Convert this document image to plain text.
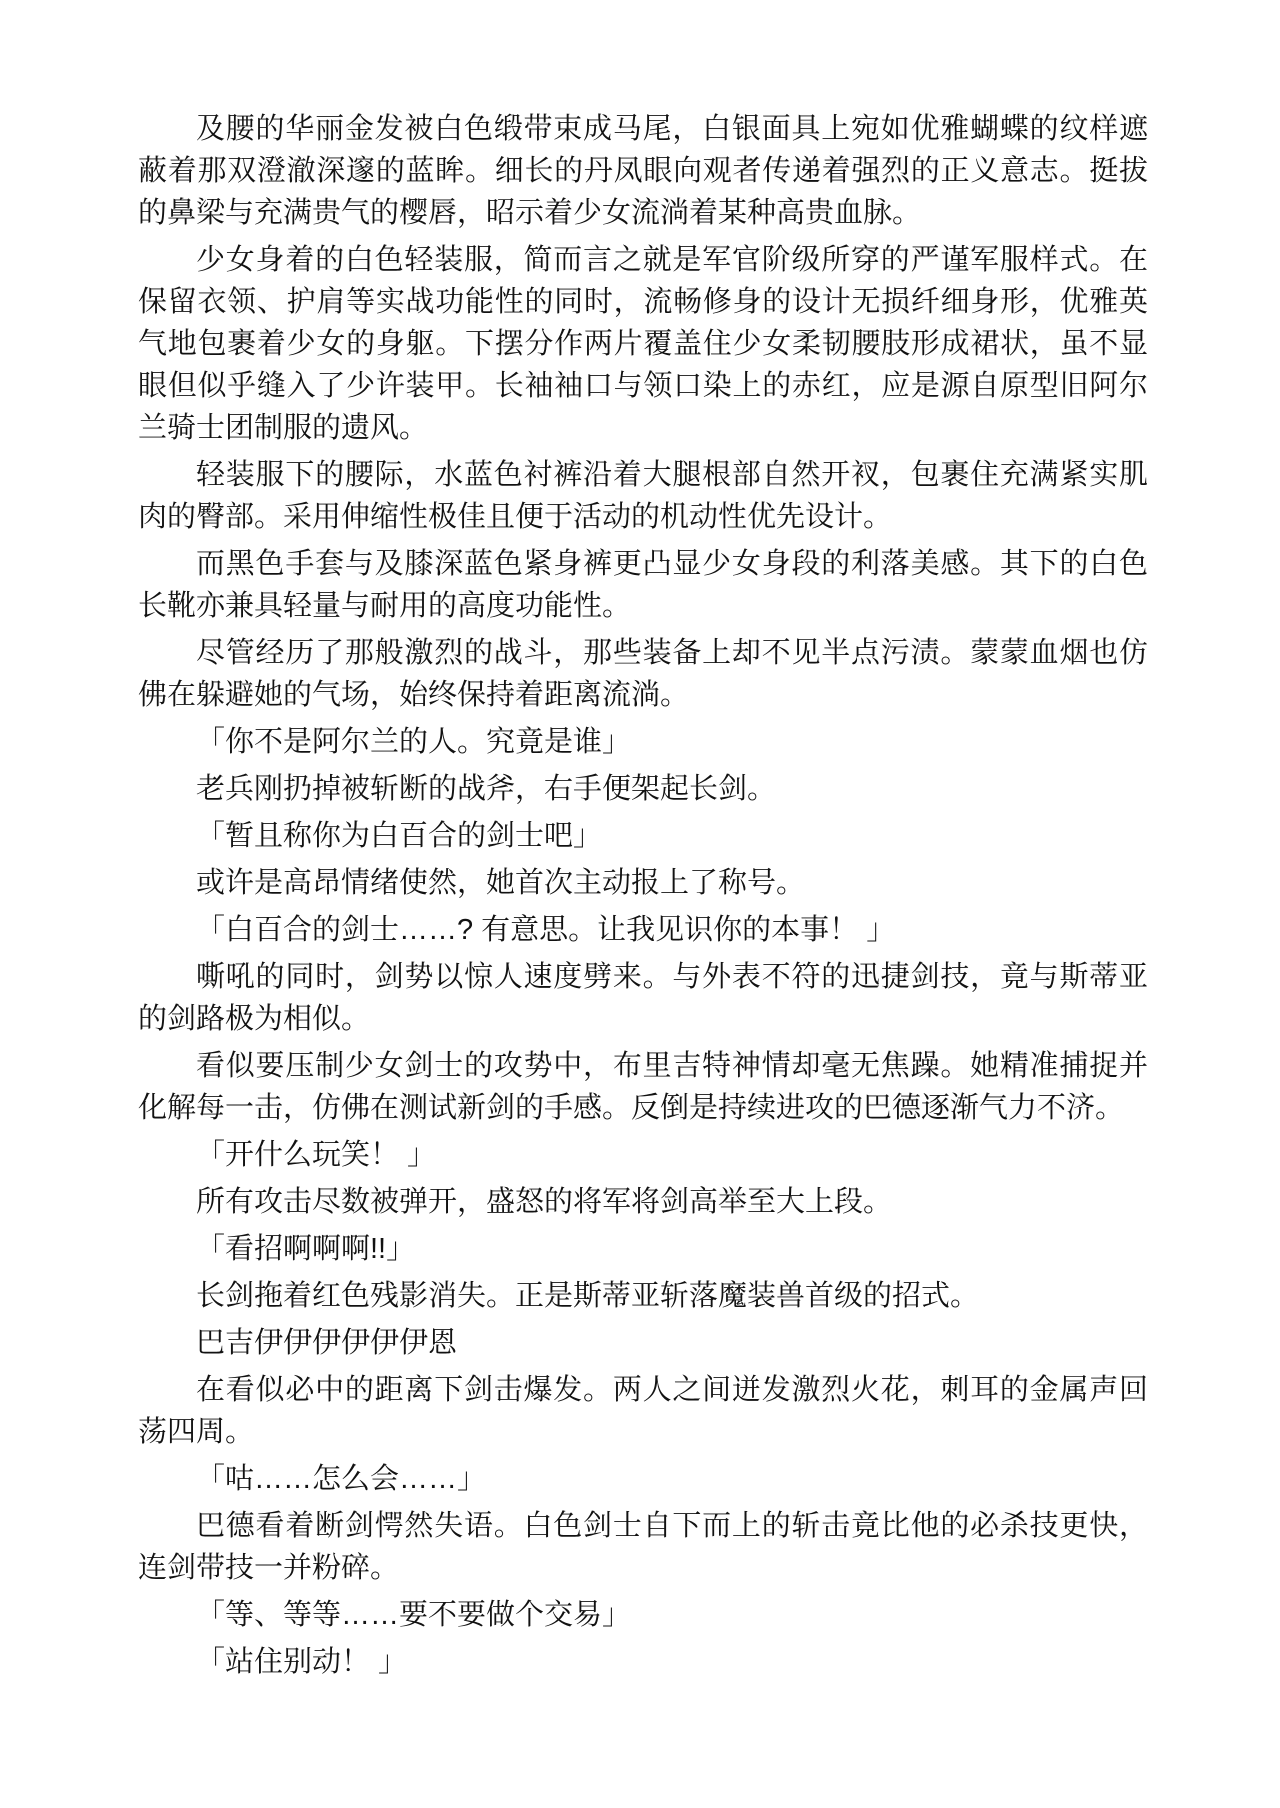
及腰的华丽金发被白色缎带束成马尾，白银面具上宛如优雅蝴蝶的纹样遮蔽着那双澄澈深邃的蓝眸。细长的丹凤眼向观者传递着强烈的正义意志。挺拔的鼻梁与充满贵气的樱唇，昭示着少女流淌着某种高贵血脉。

少女身着的白色轻装服，简而言之就是军官阶级所穿的严谨军服样式。在保留衣领、护肩等实战功能性的同时，流畅修身的设计无损纤细身形，优雅英气地包裹着少女的身躯。下摆分作两片覆盖住少女柔韧腰肢形成裙状，虽不显眼但似乎缝入了少许装甲。长袖袖口与领口染上的赤红，应是源自原型旧阿尔兰骑士团制服的遗风。

轻装服下的腰际，水蓝色衬裤沿着大腿根部自然开衩，包裹住充满紧实肌肉的臀部。采用伸缩性极佳且便于活动的机动性优先设计。

而黑色手套与及膝深蓝色紧身裤更凸显少女身段的利落美感。其下的白色长靴亦兼具轻量与耐用的高度功能性。

尽管经历了那般激烈的战斗，那些装备上却不见半点污渍。蒙蒙血烟也仿佛在躲避她的气场，始终保持着距离流淌。

「你不是阿尔兰的人。究竟是谁」

老兵刚扔掉被斩断的战斧，右手便架起长剑。

「暂且称你为白百合的剑士吧」

或许是高昂情绪使然，她首次主动报上了称号。

「白百合的剑士……? 有意思。让我见识你的本事！ 」

嘶吼的同时，剑势以惊人速度劈来。与外表不符的迅捷剑技，竟与斯蒂亚的剑路极为相似。

看似要压制少女剑士的攻势中，布里吉特神情却毫无焦躁。她精准捕捉并化解每一击，仿佛在测试新剑的手感。反倒是持续进攻的巴德逐渐气力不济。

「开什么玩笑！ 」

所有攻击尽数被弹开，盛怒的将军将剑高举至大上段。

「看招啊啊啊!!」

长剑拖着红色残影消失。正是斯蒂亚斩落魔装兽首级的招式。

巴吉伊伊伊伊伊伊恩

在看似必中的距离下剑击爆发。两人之间迸发激烈火花，刺耳的金属声回荡四周。

「咕……怎么会……」

巴德看着断剑愕然失语。白色剑士自下而上的斩击竟比他的必杀技更快，连剑带技一并粉碎。

「等、等等……要不要做个交易」

「站住别动！ 」
